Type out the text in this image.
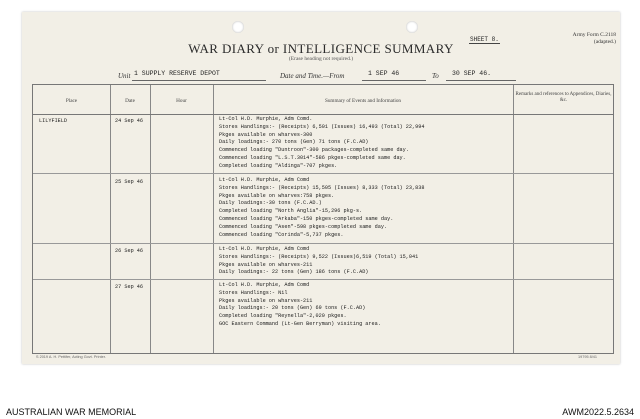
WAR DIARY or INTELLIGENCE SUMMARY
(Erase heading not required.)
SHEET 8.
Army Form C.2118
(adapted.)
Unit 1 SUPPLY RESERVE DEPOT	Date and Time.—From	1 SEP 46	To 30 SEP 46.
Place	Date	Hour	Summary of Events and Information
Remarks and references to Appendices, Diaries, &c.
LILYFIELD	24 Sep 46	Lt-Col H.D. Murphie, Adm Comd.
Stores Handlings:- (Receipts) 6,501 (Issues) 16,493 (Total) 22,994
Pkges available on wharves-300
Daily loadings:- 270 tons (Gen) 71 tons (F.C.AD)
Commenced loading "Duntroon"-300 packages-completed same day.
Commenced loading "L.S.T.3014"-586 pkges-completed same day.
Completed loading "Aldinga"-707 pkges.
25 Sep 46	Lt-Col H.D. Murphie, Adm Comd
Stores Handlings:- (Receipts) 15,505 (Issues) 8,333 (Total) 23,838
Pkges available on wharves:758 pkges.
Daily loadings:-30 tons (F.C.AD.)
Completed loading "North Anglia"-15,296 pkg-s.
Commenced loading "Arkaba"-150 pkges-completed same day.
Commenced loading "Asen"-598 pkges-completed same day.
Commenced loading "Corinda"-5,737 pkges.
26 Sep 46	Lt-Col H.D. Murphie, Adm Comd
Stores Handlings:- (Receipts) 9,522 (Issues)6,519 (Total) 15,041
Pkges available on wharves-211
Daily loadings:- 22 tons (Gen) 186 tons (F.C.AD)
27 Sep 46	Lt-Col H.D. Murphie, Adm Comd
Stores Handlings:- Nil
Pkges available on wharves-211
Daily loadings:- 20 tons (Gen) 69 tons (F.C.AD)
Completed loading "Reynella"-2,020 pkges.
GOC Eastern Command (Lt-Gen Berryman) visiting area.
S 2019 A. H. Pettifer, Acting Govt. Printer.	19795 8/41
AUSTRALIAN WAR MEMORIAL	AWM2022.5.2634
